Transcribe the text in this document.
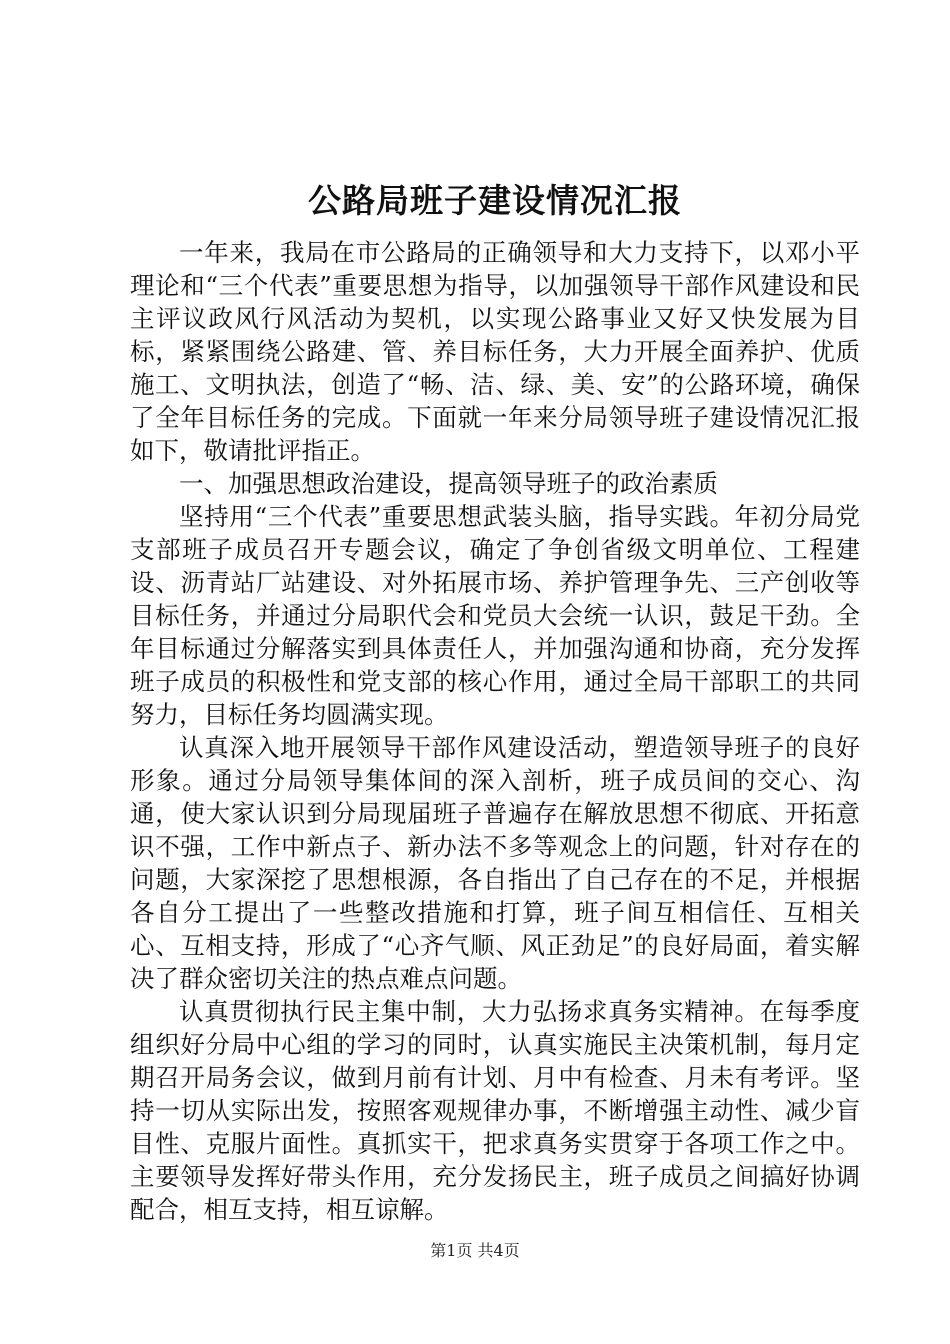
公路局班子建设情况汇报

一年来，我局在市公路局的正确领导和大力支持下，以邓小平理论和“三个代表”重要思想为指导，以加强领导干部作风建设和民主评议政风行风活动为契机，以实现公路事业又好又快发展为目标，紧紧围绕公路建、管、养目标任务，大力开展全面养护、优质施工、文明执法，创造了“畅、洁、绿、美、安”的公路环境，确保了全年目标任务的完成。下面就一年来分局领导班子建设情况汇报如下，敬请批评指正。

一、加强思想政治建设，提高领导班子的政治素质

坚持用“三个代表”重要思想武装头脑，指导实践。年初分局党支部班子成员召开专题会议，确定了争创省级文明单位、工程建设、沥青站厂站建设、对外拓展市场、养护管理争先、三产创收等目标任务，并通过分局职代会和党员大会统一认识，鼓足干劲。全年目标通过分解落实到具体责任人，并加强沟通和协商，充分发挥班子成员的积极性和党支部的核心作用，通过全局干部职工的共同努力，目标任务均圆满实现。

认真深入地开展领导干部作风建设活动，塑造领导班子的良好形象。通过分局领导集体间的深入剖析，班子成员间的交心、沟通，使大家认识到分局现届班子普遍存在解放思想不彻底、开拓意识不强，工作中新点子、新办法不多等观念上的问题，针对存在的问题，大家深挖了思想根源，各自指出了自己存在的不足，并根据各自分工提出了一些整改措施和打算，班子间互相信任、互相关心、互相支持，形成了“心齐气顺、风正劲足”的良好局面，着实解决了群众密切关注的热点难点问题。

认真贯彻执行民主集中制，大力弘扬求真务实精神。在每季度组织好分局中心组的学习的同时，认真实施民主决策机制，每月定期召开局务会议，做到月前有计划、月中有检查、月未有考评。坚持一切从实际出发，按照客观规律办事，不断增强主动性、减少盲目性、克服片面性。真抓实干，把求真务实贯穿于各项工作之中。主要领导发挥好带头作用，充分发扬民主，班子成员之间搞好协调配合，相互支持，相互谅解。

第1页 共4页
